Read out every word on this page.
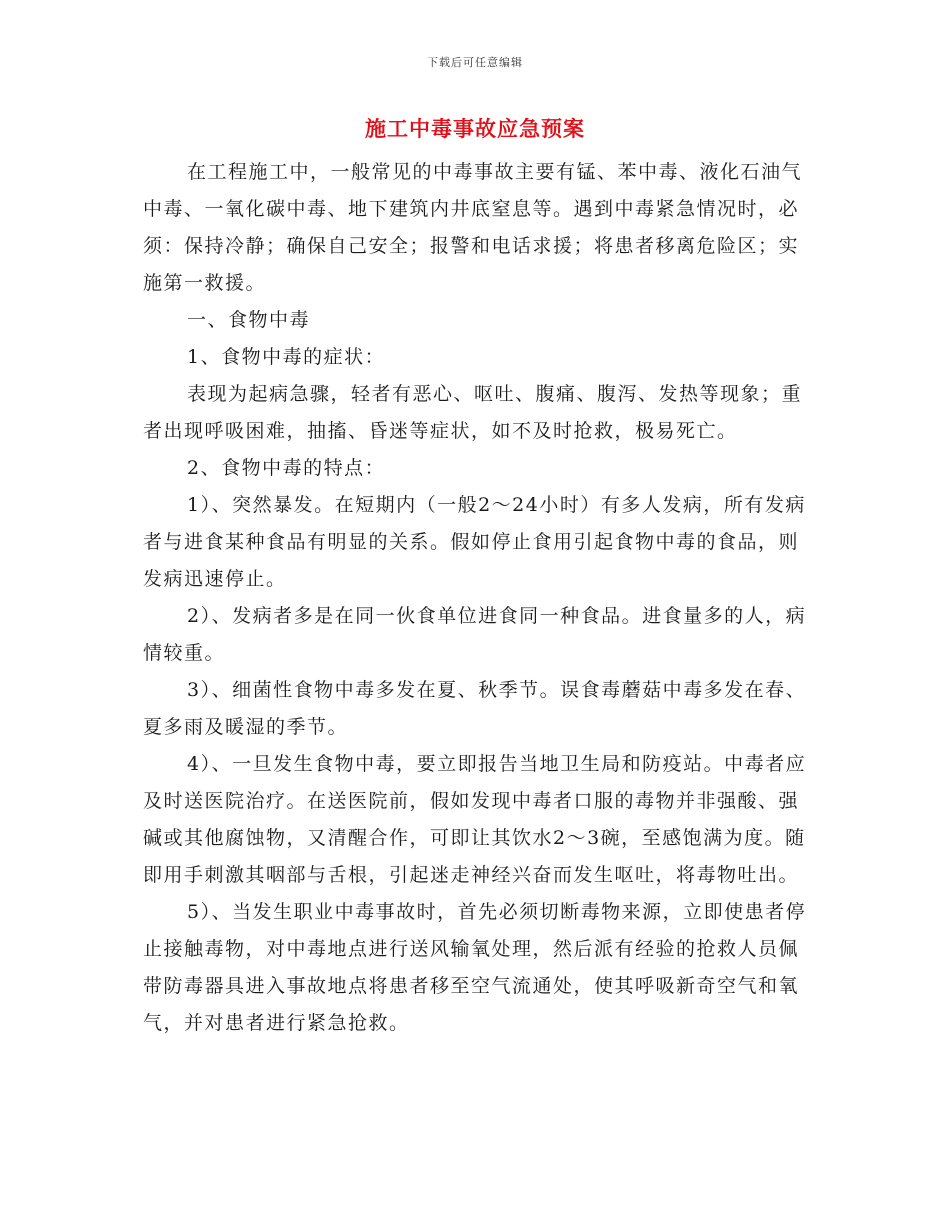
下载后可任意编辑
施工中毒事故应急预案

在工程施工中，一般常见的中毒事故主要有锰、苯中毒、液化石油气中毒、一氧化碳中毒、地下建筑内井底窒息等。遇到中毒紧急情况时，必须：保持冷静；确保自己安全；报警和电话求援；将患者移离危险区；实施第一救援。

一、食物中毒

1、食物中毒的症状：

表现为起病急骤，轻者有恶心、呕吐、腹痛、腹泻、发热等现象；重者出现呼吸困难，抽搐、昏迷等症状，如不及时抢救，极易死亡。

2、食物中毒的特点：

1）、突然暴发。在短期内（一般2～24小时）有多人发病，所有发病者与进食某种食品有明显的关系。假如停止食用引起食物中毒的食品，则发病迅速停止。

2）、发病者多是在同一伙食单位进食同一种食品。进食量多的人，病情较重。

3）、细菌性食物中毒多发在夏、秋季节。误食毒蘑菇中毒多发在春、夏多雨及暖湿的季节。

4）、一旦发生食物中毒，要立即报告当地卫生局和防疫站。中毒者应及时送医院治疗。在送医院前，假如发现中毒者口服的毒物并非强酸、强碱或其他腐蚀物，又清醒合作，可即让其饮水2～3碗，至感饱满为度。随即用手刺激其咽部与舌根，引起迷走神经兴奋而发生呕吐，将毒物吐出。

5）、当发生职业中毒事故时，首先必须切断毒物来源，立即使患者停止接触毒物，对中毒地点进行送风输氧处理，然后派有经验的抢救人员佩带防毒器具进入事故地点将患者移至空气流通处，使其呼吸新奇空气和氧气，并对患者进行紧急抢救。
